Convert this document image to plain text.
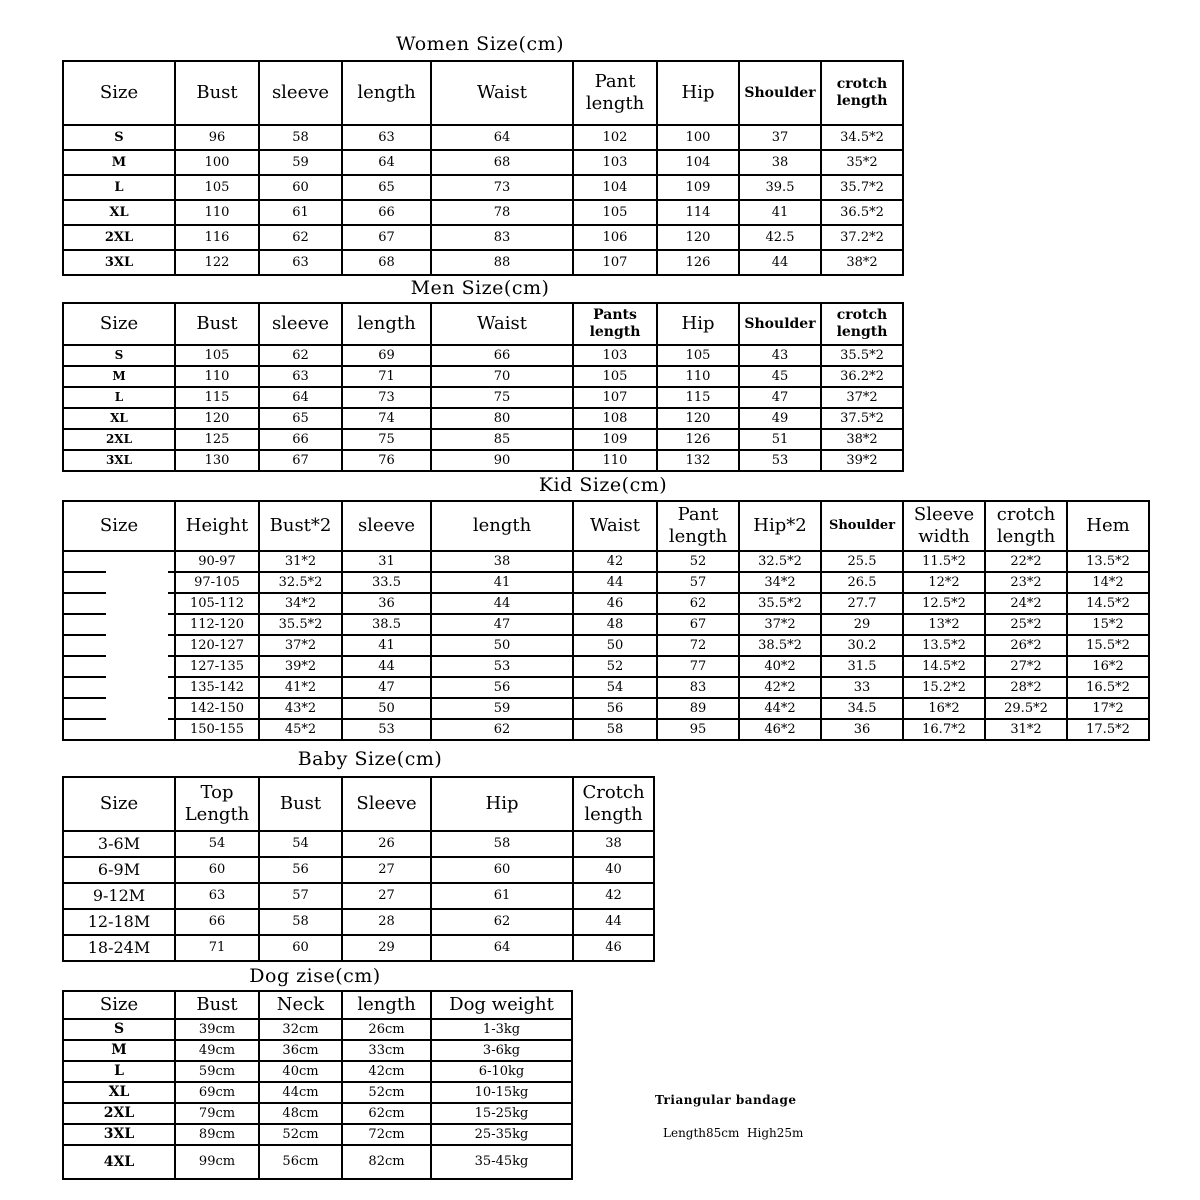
Women Size(cm)
Size	Bust	sleeve	length	Waist	Pant length	Hip	Shoulder	crotch length
S	96	58	63	64	102	100	37	34.5*2
M	100	59	64	68	103	104	38	35*2
L	105	60	65	73	104	109	39.5	35.7*2
XL	110	61	66	78	105	114	41	36.5*2
2XL	116	62	67	83	106	120	42.5	37.2*2
3XL	122	63	68	88	107	126	44	38*2
Men Size(cm)
Size	Bust	sleeve	length	Waist	Pants length	Hip	Shoulder	crotch length
S	105	62	69	66	103	105	43	35.5*2
M	110	63	71	70	105	110	45	36.2*2
L	115	64	73	75	107	115	47	37*2
XL	120	65	74	80	108	120	49	37.5*2
2XL	125	66	75	85	109	126	51	38*2
3XL	130	67	76	90	110	132	53	39*2
Kid Size(cm)
Size	Height	Bust*2	sleeve	length	Waist	Pant length	Hip*2	Shoulder	Sleeve width	crotch length	Hem
	90-97	31*2	31	38	42	52	32.5*2	25.5	11.5*2	22*2	13.5*2
	97-105	32.5*2	33.5	41	44	57	34*2	26.5	12*2	23*2	14*2
	105-112	34*2	36	44	46	62	35.5*2	27.7	12.5*2	24*2	14.5*2
	112-120	35.5*2	38.5	47	48	67	37*2	29	13*2	25*2	15*2
	120-127	37*2	41	50	50	72	38.5*2	30.2	13.5*2	26*2	15.5*2
	127-135	39*2	44	53	52	77	40*2	31.5	14.5*2	27*2	16*2
	135-142	41*2	47	56	54	83	42*2	33	15.2*2	28*2	16.5*2
	142-150	43*2	50	59	56	89	44*2	34.5	16*2	29.5*2	17*2
	150-155	45*2	53	62	58	95	46*2	36	16.7*2	31*2	17.5*2
Baby Size(cm)
Size	Top Length	Bust	Sleeve	Hip	Crotch length
3-6M	54	54	26	58	38
6-9M	60	56	27	60	40
9-12M	63	57	27	61	42
12-18M	66	58	28	62	44
18-24M	71	60	29	64	46
Dog zise(cm)
Size	Bust	Neck	length	Dog weight
S	39cm	32cm	26cm	1-3kg
M	49cm	36cm	33cm	3-6kg
L	59cm	40cm	42cm	6-10kg
XL	69cm	44cm	52cm	10-15kg
2XL	79cm	48cm	62cm	15-25kg
3XL	89cm	52cm	72cm	25-35kg
4XL	99cm	56cm	82cm	35-45kg
Triangular bandage
Length85cm  High25m
